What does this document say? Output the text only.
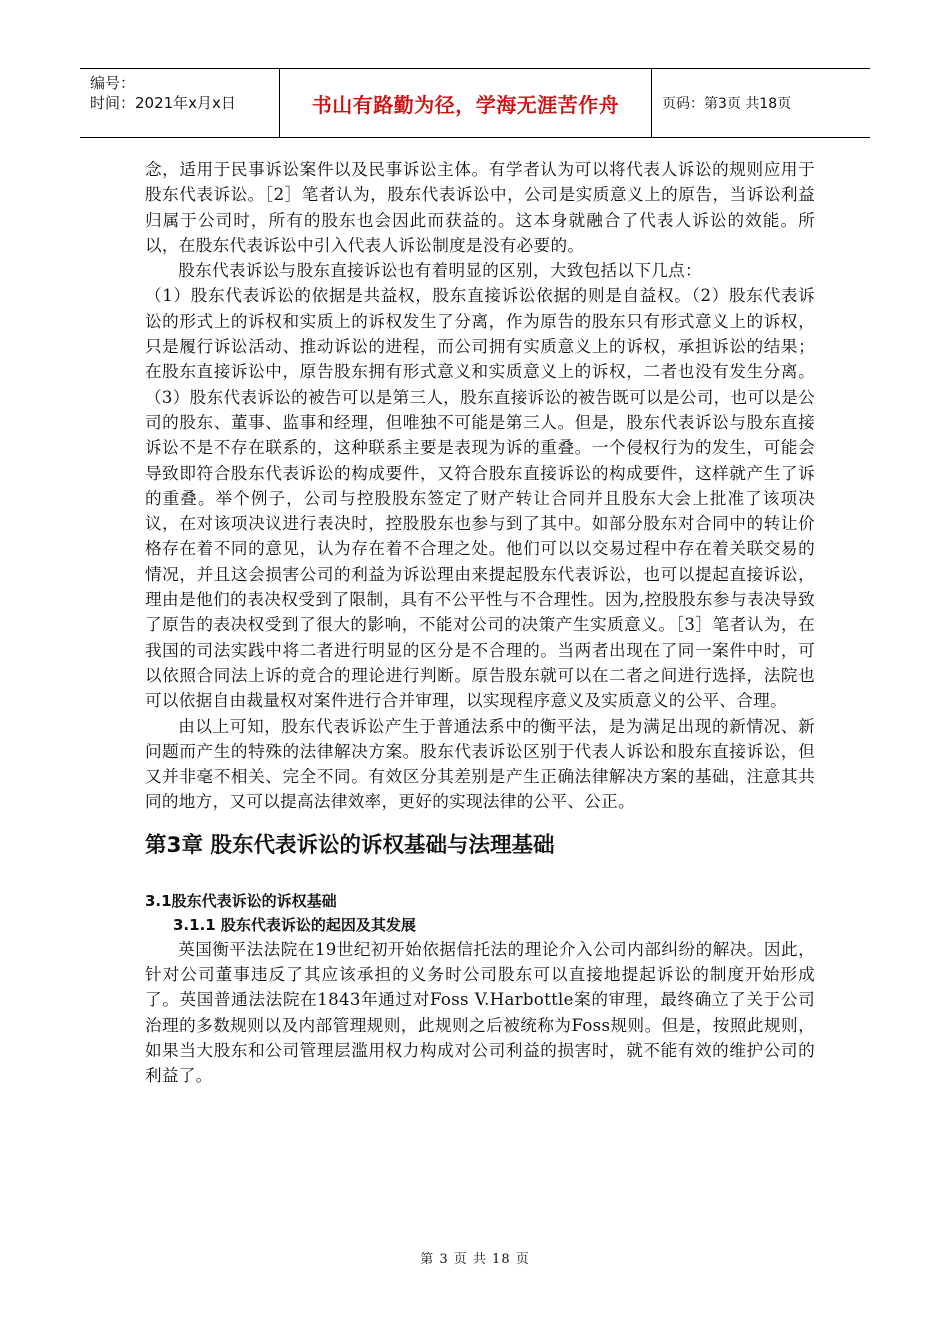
编号：
时间：2021年x月x日	书山有路勤为径，学海无涯苦作舟	页码：第3页 共18页

念，适用于民事诉讼案件以及民事诉讼主体。有学者认为可以将代表人诉讼的规则应用于股东代表诉讼。［2］笔者认为，股东代表诉讼中，公司是实质意义上的原告，当诉讼利益归属于公司时，所有的股东也会因此而获益的。这本身就融合了代表人诉讼的效能。所以，在股东代表诉讼中引入代表人诉讼制度是没有必要的。

股东代表诉讼与股东直接诉讼也有着明显的区别，大致包括以下几点：

（1）股东代表诉讼的依据是共益权，股东直接诉讼依据的则是自益权。（2）股东代表诉讼的形式上的诉权和实质上的诉权发生了分离，作为原告的股东只有形式意义上的诉权，只是履行诉讼活动、推动诉讼的进程，而公司拥有实质意义上的诉权，承担诉讼的结果；在股东直接诉讼中，原告股东拥有形式意义和实质意义上的诉权，二者也没有发生分离。（3）股东代表诉讼的被告可以是第三人，股东直接诉讼的被告既可以是公司，也可以是公司的股东、董事、监事和经理，但唯独不可能是第三人。但是，股东代表诉讼与股东直接诉讼不是不存在联系的，这种联系主要是表现为诉的重叠。一个侵权行为的发生，可能会导致即符合股东代表诉讼的构成要件，又符合股东直接诉讼的构成要件，这样就产生了诉的重叠。举个例子，公司与控股股东签定了财产转让合同并且股东大会上批准了该项决议，在对该项决议进行表决时，控股股东也参与到了其中。如部分股东对合同中的转让价格存在着不同的意见，认为存在着不合理之处。他们可以以交易过程中存在着关联交易的情况，并且这会损害公司的利益为诉讼理由来提起股东代表诉讼，也可以提起直接诉讼，理由是他们的表决权受到了限制，具有不公平性与不合理性。因为,控股股东参与表决导致了原告的表决权受到了很大的影响，不能对公司的决策产生实质意义。［3］笔者认为，在我国的司法实践中将二者进行明显的区分是不合理的。当两者出现在了同一案件中时，可以依照合同法上诉的竞合的理论进行判断。原告股东就可以在二者之间进行选择，法院也可以依据自由裁量权对案件进行合并审理，以实现程序意义及实质意义的公平、合理。

由以上可知，股东代表诉讼产生于普通法系中的衡平法，是为满足出现的新情况、新问题而产生的特殊的法律解决方案。股东代表诉讼区别于代表人诉讼和股东直接诉讼，但又并非毫不相关、完全不同。有效区分其差别是产生正确法律解决方案的基础，注意其共同的地方，又可以提高法律效率，更好的实现法律的公平、公正。

第3章 股东代表诉讼的诉权基础与法理基础
3.1股东代表诉讼的诉权基础
3.1.1 股东代表诉讼的起因及其发展

英国衡平法法院在19世纪初开始依据信托法的理论介入公司内部纠纷的解决。因此，针对公司董事违反了其应该承担的义务时公司股东可以直接地提起诉讼的制度开始形成了。英国普通法法院在1843年通过对Foss V.Harbottle案的审理，最终确立了关于公司治理的多数规则以及内部管理规则，此规则之后被统称为Foss规则。但是，按照此规则，如果当大股东和公司管理层滥用权力构成对公司利益的损害时，就不能有效的维护公司的利益了。

第 3 页 共 18 页
